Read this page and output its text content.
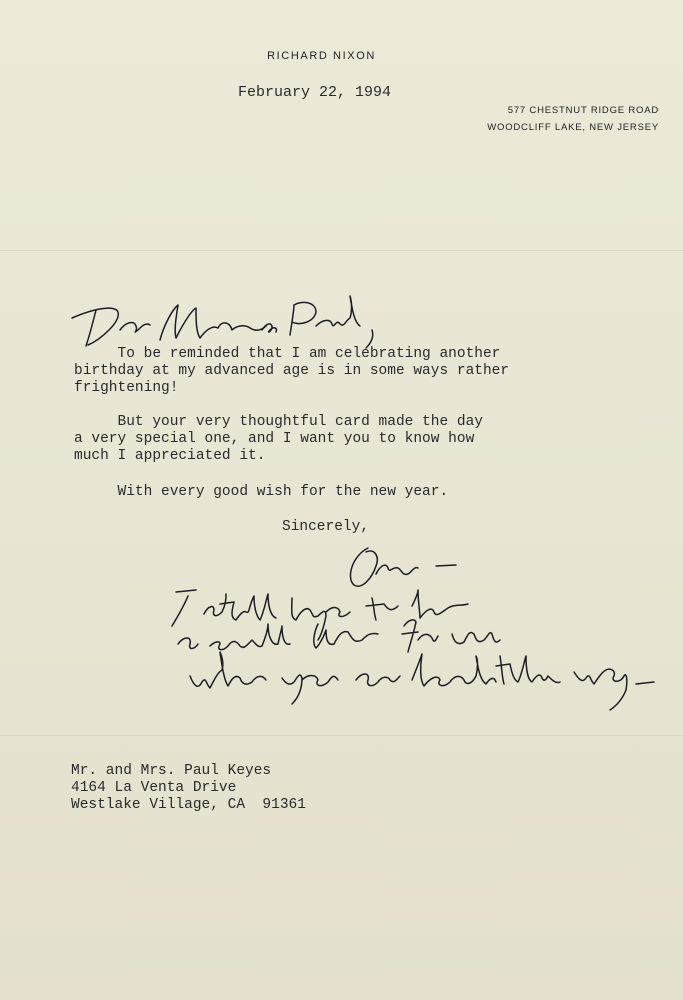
RICHARD NIXON
February 22, 1994
577 CHESTNUT RIDGE ROAD
WOODCLIFF LAKE, NEW JERSEY
To be reminded that I am celebrating another
birthday at my advanced age is in some ways rather
frightening!
But your very thoughtful card made the day
a very special one, and I want you to know how
much I appreciated it.
With every good wish for the new year.
Sincerely,
Mr. and Mrs. Paul Keyes
4164 La Venta Drive
Westlake Village, CA  91361
